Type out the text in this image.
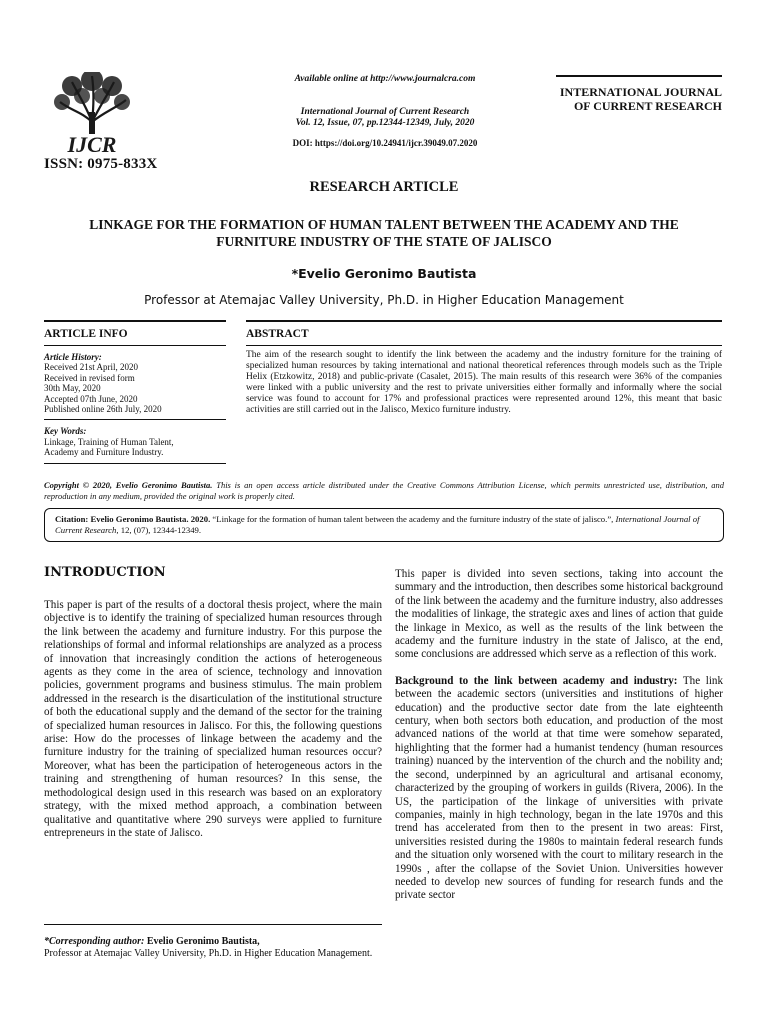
IJCR
ISSN: 0975-833X
Available online at http://www.journalcra.com
International Journal of Current Research
Vol. 12, Issue, 07, pp.12344-12349, July, 2020
DOI: https://doi.org/10.24941/ijcr.39049.07.2020
INTERNATIONAL JOURNAL
OF CURRENT RESEARCH
RESEARCH ARTICLE
LINKAGE FOR THE FORMATION OF HUMAN TALENT BETWEEN THE ACADEMY AND THE
FURNITURE INDUSTRY OF THE STATE OF JALISCO
*Evelio Geronimo Bautista
Professor at Atemajac Valley University, Ph.D. in Higher Education Management
ARTICLE INFO
Article History:
Received 21st April, 2020
Received in revised form
30th May, 2020
Accepted 07th June, 2020
Published online 26th July, 2020
Key Words:
Linkage, Training of Human Talent,
Academy and Furniture Industry.
ABSTRACT
The aim of the research sought to identify the link between the academy and the industry forniture for the training of specialized human resources by taking international and national theoretical references through models such as the Triple Helix (Etzkowitz, 2018) and public-private (Casalet, 2015). The main results of this research were 36% of the companies were linked with a public university and the rest to private universities either formally and informally where the social service was found to account for 17% and professional practices were represented around 12%, this meant that basic activities are still carried out in the Jalisco, Mexico furniture industry.
Copyright © 2020, Evelio Geronimo Bautista. This is an open access article distributed under the Creative Commons Attribution License, which permits unrestricted use, distribution, and reproduction in any medium, provided the original work is properly cited.
Citation: Evelio Geronimo Bautista. 2020. “Linkage for the formation of human talent between the academy and the furniture industry of the state of jalisco.”, International Journal of Current Research, 12, (07), 12344-12349.
INTRODUCTION
This paper is part of the results of a doctoral thesis project, where the main objective is to identify the training of specialized human resources through the link between the academy and furniture industry. For this purpose the relationships of formal and informal relationships are analyzed as a process of innovation that increasingly condition the actions of heterogeneous agents as they come in the area of science, technology and innovation policies, government programs and business stimulus. The main problem addressed in the research is the disarticulation of the institutional structure of both the educational supply and the demand of the sector for the training of specialized human resources in Jalisco. For this, the following questions arise: How do the processes of linkage between the academy and the furniture industry for the training of specialized human resources occur? Moreover, what has been the participation of heterogeneous actors in the training and strengthening of human resources? In this sense, the methodological design used in this research was based on an exploratory strategy, with the mixed method approach, a combination between qualitative and quantitative where 290 surveys were applied to furniture entrepreneurs in the state of Jalisco.
This paper is divided into seven sections, taking into account the summary and the introduction, then describes some historical background of the link between the academy and the furniture industry, also addresses the modalities of linkage, the strategic axes and lines of action that guide the linkage in Mexico, as well as the results of the link between the academy and the furniture industry in the state of Jalisco, at the end, some conclusions are addressed which serve as a reflection of this work.
Background to the link between academy and industry: The link between the academic sectors (universities and institutions of higher education) and the productive sector date from the late eighteenth century, when both sectors both education, and production of the most advanced nations of the world at that time were somehow separated, highlighting that the former had a humanist tendency (human resources training) nuanced by the intervention of the church and the nobility and; the second, underpinned by an agricultural and artisanal economy, characterized by the grouping of workers in guilds (Rivera, 2006). In the US, the participation of the linkage of universities with private companies, mainly in high technology, began in the late 1970s and this trend has accelerated from then to the present in two areas: First, universities resisted during the 1980s to maintain federal research funds and the situation only worsened with the court to military research in the 1990s , after the collapse of the Soviet Union. Universities however needed to develop new sources of funding for research funds and the private sector
*Corresponding author: Evelio Geronimo Bautista,
Professor at Atemajac Valley University, Ph.D. in Higher Education Management.
